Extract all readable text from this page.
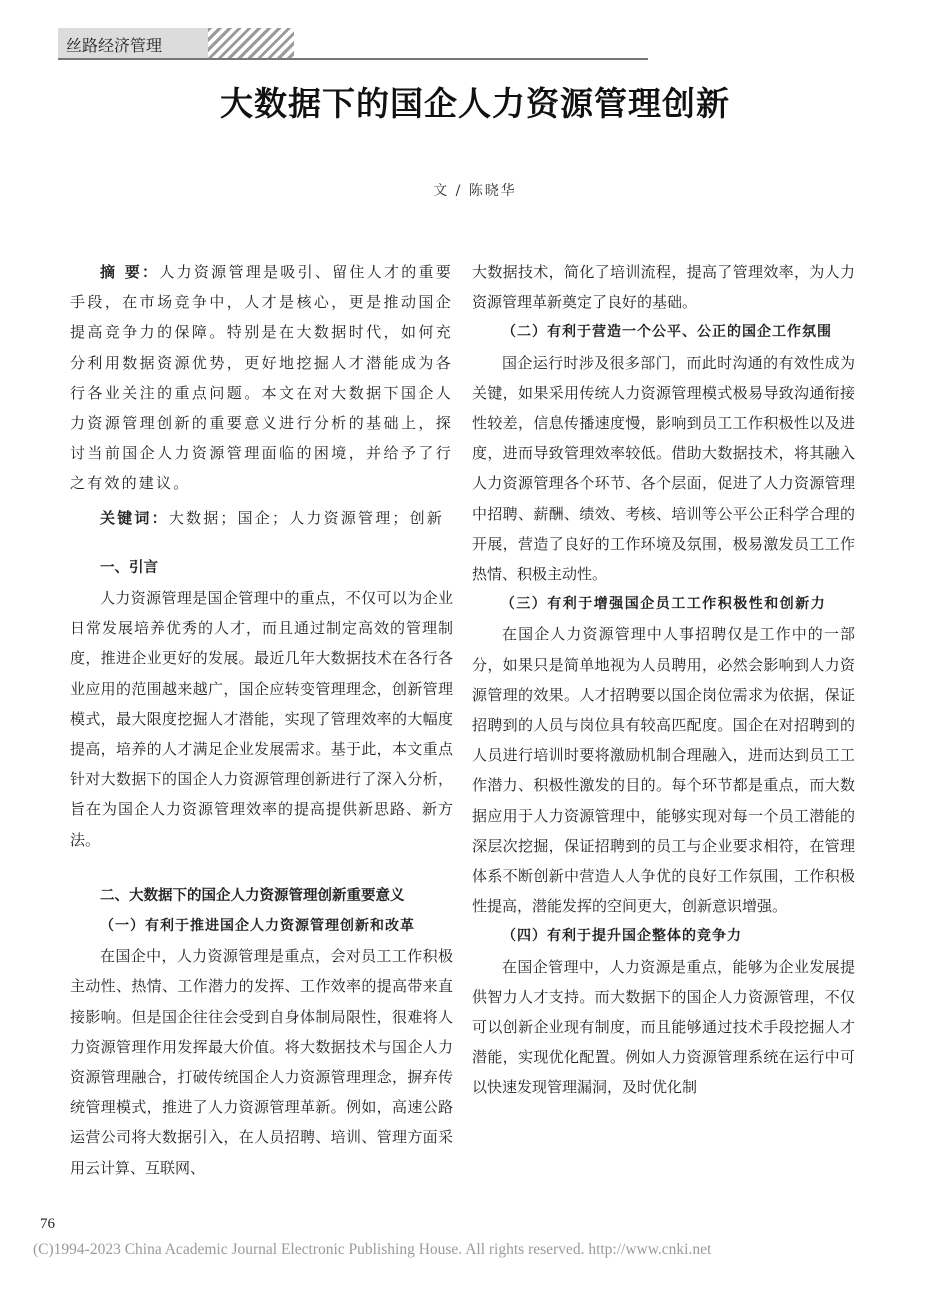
丝路经济管理
大数据下的国企人力资源管理创新
文 / 陈晓华

摘 要：人力资源管理是吸引、留住人才的重要手段，在市场竞争中，人才是核心，更是推动国企提高竞争力的保障。特别是在大数据时代，如何充分利用数据资源优势，更好地挖掘人才潜能成为各行各业关注的重点问题。本文在对大数据下国企人力资源管理创新的重要意义进行分析的基础上，探讨当前国企人力资源管理面临的困境，并给予了行之有效的建议。

关键词：大数据；国企；人力资源管理；创新

一、引言

人力资源管理是国企管理中的重点，不仅可以为企业日常发展培养优秀的人才，而且通过制定高效的管理制度，推进企业更好的发展。最近几年大数据技术在各行各业应用的范围越来越广，国企应转变管理理念，创新管理模式，最大限度挖掘人才潜能，实现了管理效率的大幅度提高，培养的人才满足企业发展需求。基于此，本文重点针对大数据下的国企人力资源管理创新进行了深入分析，旨在为国企人力资源管理效率的提高提供新思路、新方法。

二、大数据下的国企人力资源管理创新重要意义

（一）有利于推进国企人力资源管理创新和改革

在国企中，人力资源管理是重点，会对员工工作积极主动性、热情、工作潜力的发挥、工作效率的提高带来直接影响。但是国企往往会受到自身体制局限性，很难将人力资源管理作用发挥最大价值。将大数据技术与国企人力资源管理融合，打破传统国企人力资源管理理念，摒弃传统管理模式，推进了人力资源管理革新。例如，高速公路运营公司将大数据引入，在人员招聘、培训、管理方面采用云计算、互联网、

大数据技术，简化了培训流程，提高了管理效率，为人力资源管理革新奠定了良好的基础。

（二）有利于营造一个公平、公正的国企工作氛围

国企运行时涉及很多部门，而此时沟通的有效性成为关键，如果采用传统人力资源管理模式极易导致沟通衔接性较差，信息传播速度慢，影响到员工工作积极性以及进度，进而导致管理效率较低。借助大数据技术，将其融入人力资源管理各个环节、各个层面，促进了人力资源管理中招聘、薪酬、绩效、考核、培训等公平公正科学合理的开展，营造了良好的工作环境及氛围，极易激发员工工作热情、积极主动性。

（三）有利于增强国企员工工作积极性和创新力

在国企人力资源管理中人事招聘仅是工作中的一部分，如果只是简单地视为人员聘用，必然会影响到人力资源管理的效果。人才招聘要以国企岗位需求为依据，保证招聘到的人员与岗位具有较高匹配度。国企在对招聘到的人员进行培训时要将激励机制合理融入，进而达到员工工作潜力、积极性激发的目的。每个环节都是重点，而大数据应用于人力资源管理中，能够实现对每一个员工潜能的深层次挖掘，保证招聘到的员工与企业要求相符，在管理体系不断创新中营造人人争优的良好工作氛围，工作积极性提高，潜能发挥的空间更大，创新意识增强。

（四）有利于提升国企整体的竞争力

在国企管理中，人力资源是重点，能够为企业发展提供智力人才支持。而大数据下的国企人力资源管理，不仅可以创新企业现有制度，而且能够通过技术手段挖掘人才潜能，实现优化配置。例如人力资源管理系统在运行中可以快速发现管理漏洞，及时优化制

76
(C)1994-2023 China Academic Journal Electronic Publishing House. All rights reserved. http://www.cnki.net
